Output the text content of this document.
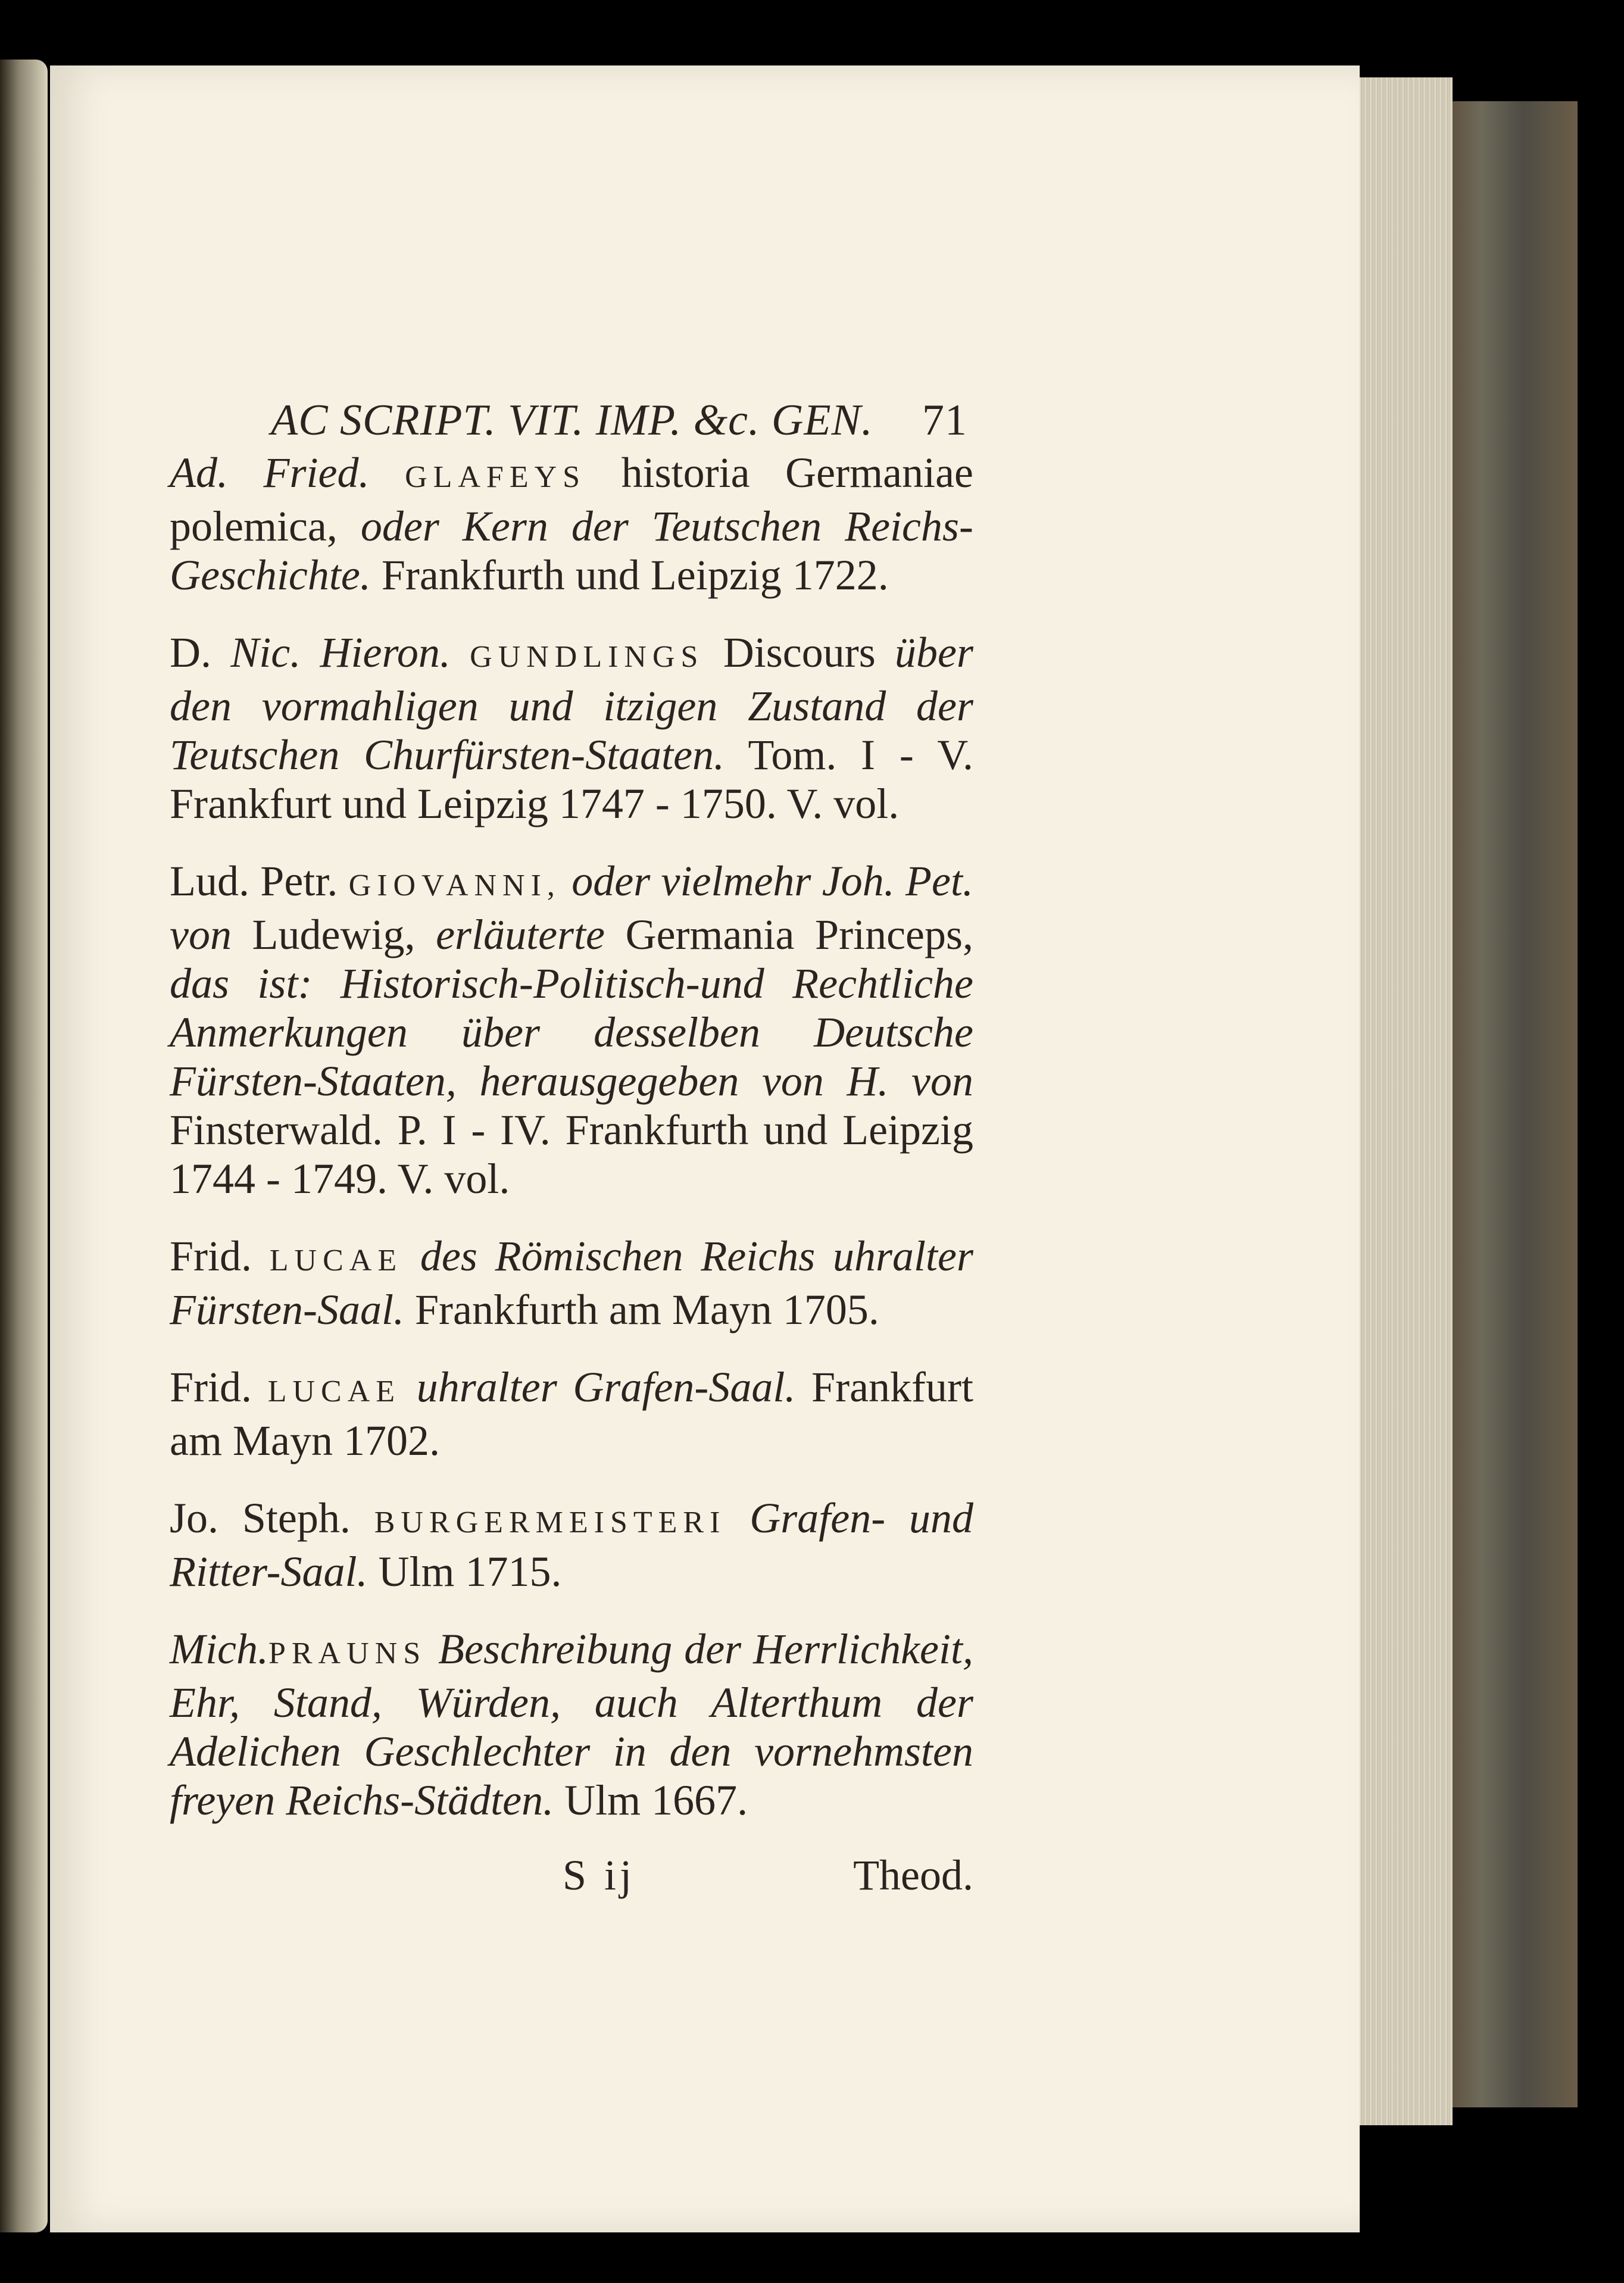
AC SCRIPT. VIT. IMP. &c. GEN. 71

Ad. Fried. GLAFEYS historia Germaniae polemica, oder Kern der Teutschen Reichs-Geschichte. Frankfurth und Leipzig 1722.

D. Nic. Hieron. GUNDLINGS Discours über den vormahligen und itzigen Zustand der Teutschen Churfürsten-Staaten. Tom. I - V. Frankfurt und Leipzig 1747 - 1750. V. vol.

Lud. Petr. GIOVANNI, oder vielmehr Joh. Pet. von Ludewig, erläuterte Germania Princeps, das ist: Historisch-Politisch-und Rechtliche Anmerkungen über desselben Deutsche Fürsten-Staaten, herausgegeben von H. von Finsterwald. P. I - IV. Frankfurth und Leipzig 1744 - 1749. V. vol.

Frid. LUCAE des Römischen Reichs uhralter Fürsten-Saal. Frankfurth am Mayn 1705.

Frid. LUCAE uhralter Grafen-Saal. Frankfurt am Mayn 1702.

Jo. Steph. BURGERMEISTERI Grafen- und Ritter-Saal. Ulm 1715.

Mich.PRAUNS Beschreibung der Herrlichkeit, Ehr, Stand, Würden, auch Alterthum der Adelichen Geschlechter in den vornehmsten freyen Reichs-Städten. Ulm 1667.

S ij	Theod.
